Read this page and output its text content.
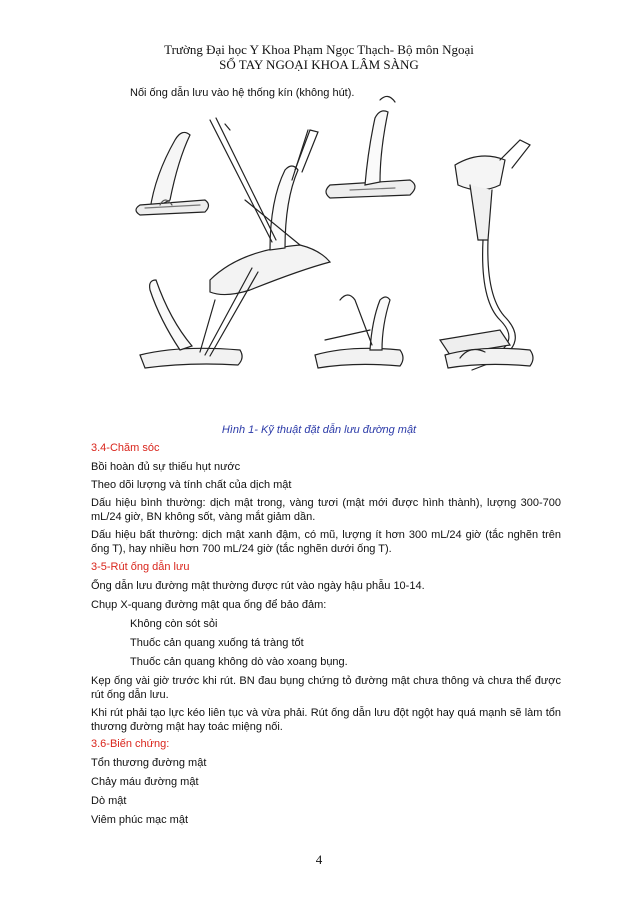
Trường Đại học Y Khoa Phạm Ngọc Thạch- Bộ môn Ngoại
SỔ TAY NGOẠI KHOA LÂM SÀNG
Nối ống dẫn lưu vào hệ thống kín (không hút).
Hình 1- Kỹ thuật đặt dẫn lưu đường mật
3.4-Chăm sóc
Bồi hoàn đủ sự thiếu hụt nước
Theo dõi lượng và tính chất của dịch mật
Dấu hiệu bình thường: dịch mật trong, vàng tươi (mật mới được hình thành), lượng 300-700 mL/24 giờ, BN không sốt, vàng mắt giảm dần.
Dấu hiệu bất thường: dịch mật xanh đậm, có mũ, lượng ít hơn 300 mL/24 giờ (tắc nghẽn trên ống T), hay nhiều hơn 700 mL/24 giờ (tắc nghẽn dưới ống T).
3-5-Rút ống dẫn lưu
Ống dẫn lưu đường mật thường được rút vào ngày hậu phẫu 10-14.
Chụp X-quang đường mật qua ống để bảo đảm:
Không còn sót sỏi
Thuốc cản quang xuống tá tràng tốt
Thuốc cản quang không dò vào xoang bụng.
Kẹp ống vài giờ trước khi rút. BN đau bụng chứng tỏ đường mật chưa thông và chưa thể được rút ống dẫn lưu.
Khi rút phải tạo lực kéo liên tục và vừa phải. Rút ống dẫn lưu đột ngột hay quá mạnh sẽ làm tổn thương đường mật hay toác miệng nối.
3.6-Biến chứng:
Tổn thương đường mật
Chảy máu đường mật
Dò mật
Viêm phúc mạc mật
4
